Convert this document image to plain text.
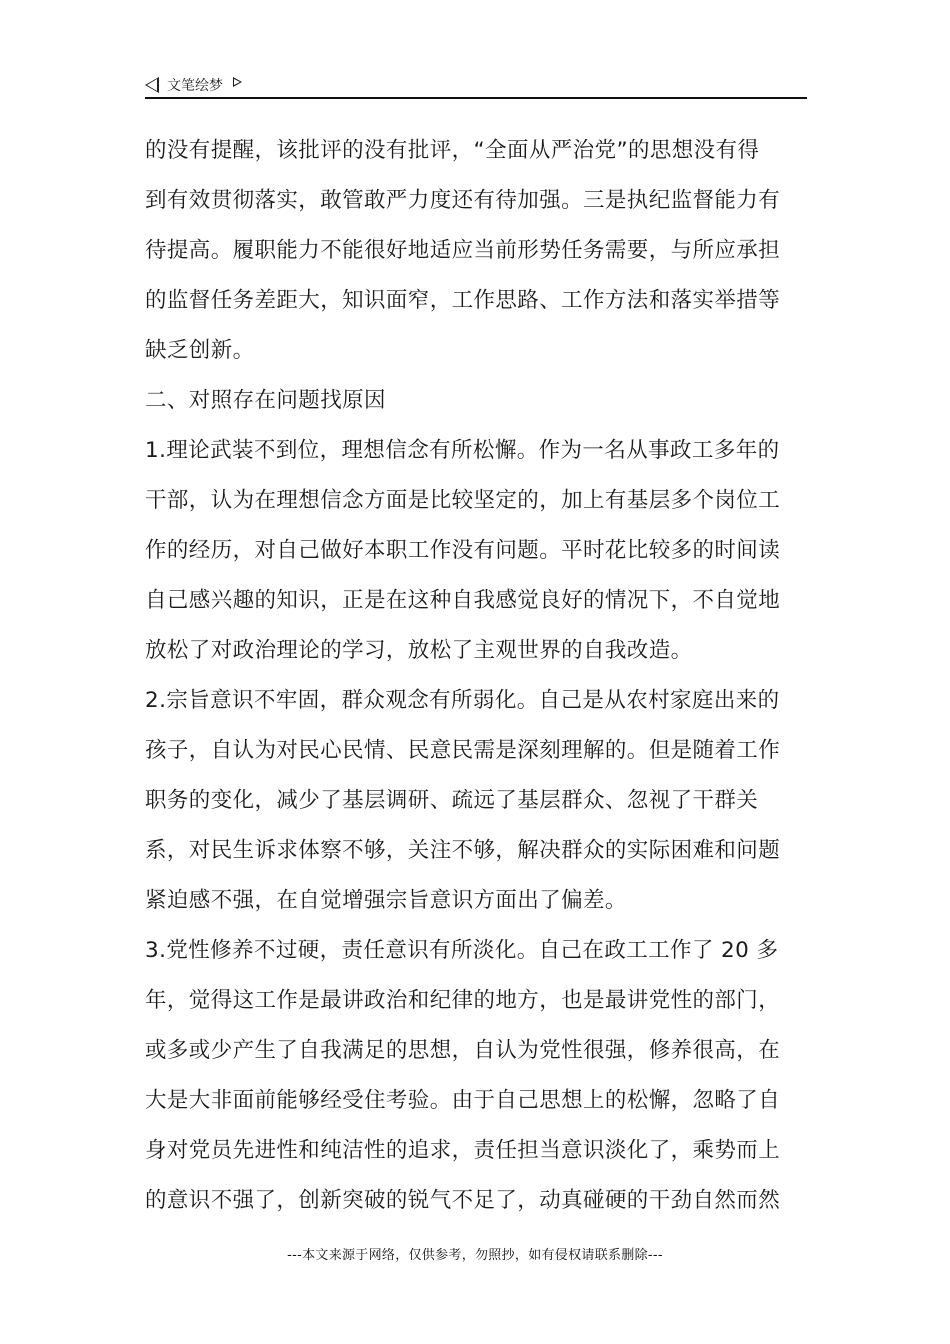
文笔绘梦
的没有提醒，该批评的没有批评，“全面从严治党”的思想没有得
到有效贯彻落实，敢管敢严力度还有待加强。三是执纪监督能力有
待提高。履职能力不能很好地适应当前形势任务需要，与所应承担
的监督任务差距大，知识面窄，工作思路、工作方法和落实举措等
缺乏创新。
二、对照存在问题找原因
1.理论武装不到位，理想信念有所松懈。作为一名从事政工多年的
干部，认为在理想信念方面是比较坚定的，加上有基层多个岗位工
作的经历，对自己做好本职工作没有问题。平时花比较多的时间读
自己感兴趣的知识，正是在这种自我感觉良好的情况下，不自觉地
放松了对政治理论的学习，放松了主观世界的自我改造。
2.宗旨意识不牢固，群众观念有所弱化。自己是从农村家庭出来的
孩子，自认为对民心民情、民意民需是深刻理解的。但是随着工作
职务的变化，减少了基层调研、疏远了基层群众、忽视了干群关
系，对民生诉求体察不够，关注不够，解决群众的实际困难和问题
紧迫感不强，在自觉增强宗旨意识方面出了偏差。
3.党性修养不过硬，责任意识有所淡化。自己在政工工作了 20 多
年，觉得这工作是最讲政治和纪律的地方，也是最讲党性的部门，
或多或少产生了自我满足的思想，自认为党性很强，修养很高，在
大是大非面前能够经受住考验。由于自己思想上的松懈，忽略了自
身对党员先进性和纯洁性的追求，责任担当意识淡化了，乘势而上
的意识不强了，创新突破的锐气不足了，动真碰硬的干劲自然而然
---本文来源于网络，仅供参考，勿照抄，如有侵权请联系删除---
